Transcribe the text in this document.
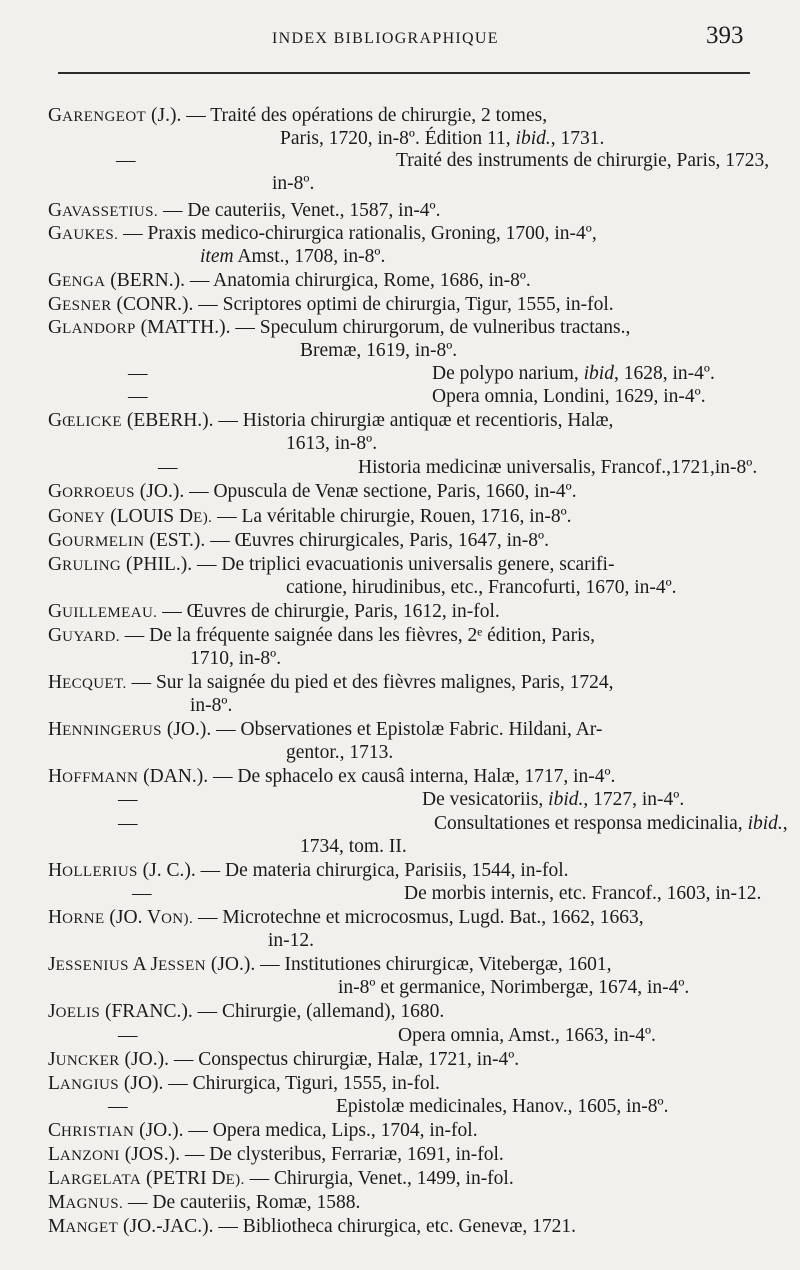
INDEX BIBLIOGRAPHIQUE	393
GARENGEOT (J.). — Traité des opérations de chirurgie, 2 tomes,
Paris, 1720, in-8º. Édition 11, ibid., 1731.
—	Traité des instruments de chirurgie, Paris, 1723,
in-8º.
GAVASSETIUS. — De cauteriis, Venet., 1587, in-4º.
GAUKES. — Praxis medico-chirurgica rationalis, Groning, 1700, in-4º,
item Amst., 1708, in-8º.
GENGA (BERN.). — Anatomia chirurgica, Rome, 1686, in-8º.
GESNER (CONR.). — Scriptores optimi de chirurgia, Tigur, 1555, in-fol.
GLANDORP (MATTH.). — Speculum chirurgorum, de vulneribus tractans.,
Bremæ, 1619, in-8º.
—	De polypo narium, ibid, 1628, in-4º.
—	Opera omnia, Londini, 1629, in-4º.
GŒLICKE (EBERH.). — Historia chirurgiæ antiquæ et recentioris, Halæ,
1613, in-8º.
—	Historia medicinæ universalis, Francof.,1721,in-8º.
GORROEUS (JO.). — Opuscula de Venæ sectione, Paris, 1660, in-4º.
GONEY (LOUIS DE). — La véritable chirurgie, Rouen, 1716, in-8º.
GOURMELIN (EST.). — Œuvres chirurgicales, Paris, 1647, in-8º.
GRULING (PHIL.). — De triplici evacuationis universalis genere, scarifi-
catione, hirudinibus, etc., Francofurti, 1670, in-4º.
GUILLEMEAU. — Œuvres de chirurgie, Paris, 1612, in-fol.
GUYARD. — De la fréquente saignée dans les fièvres, 2ᵉ édition, Paris,
1710, in-8º.
HECQUET. — Sur la saignée du pied et des fièvres malignes, Paris, 1724,
in-8º.
HENNINGERUS (JO.). — Observationes et Epistolæ Fabric. Hildani, Ar-
gentor., 1713.
HOFFMANN (DAN.). — De sphacelo ex causâ interna, Halæ, 1717, in-4º.
—	De vesicatoriis, ibid., 1727, in-4º.
—	Consultationes et responsa medicinalia, ibid.,
1734, tom. II.
HOLLERIUS (J. C.). — De materia chirurgica, Parisiis, 1544, in-fol.
—	De morbis internis, etc. Francof., 1603, in-12.
HORNE (JO. VON). — Microtechne et microcosmus, Lugd. Bat., 1662, 1663,
in-12.
JESSENIUS A JESSEN (JO.). — Institutiones chirurgicæ, Vitebergæ, 1601,
in-8º et germanice, Norimbergæ, 1674, in-4º.
JOELIS (FRANC.). — Chirurgie, (allemand), 1680.
—	Opera omnia, Amst., 1663, in-4º.
JUNCKER (JO.). — Conspectus chirurgiæ, Halæ, 1721, in-4º.
LANGIUS (JO). — Chirurgica, Tiguri, 1555, in-fol.
—	Epistolæ medicinales, Hanov., 1605, in-8º.
CHRISTIAN (JO.). — Opera medica, Lips., 1704, in-fol.
LANZONI (JOS.). — De clysteribus, Ferrariæ, 1691, in-fol.
LARGELATA (PETRI DE). — Chirurgia, Venet., 1499, in-fol.
MAGNUS. — De cauteriis, Romæ, 1588.
MANGET (JO.-JAC.). — Bibliotheca chirurgica, etc. Genevæ, 1721.
